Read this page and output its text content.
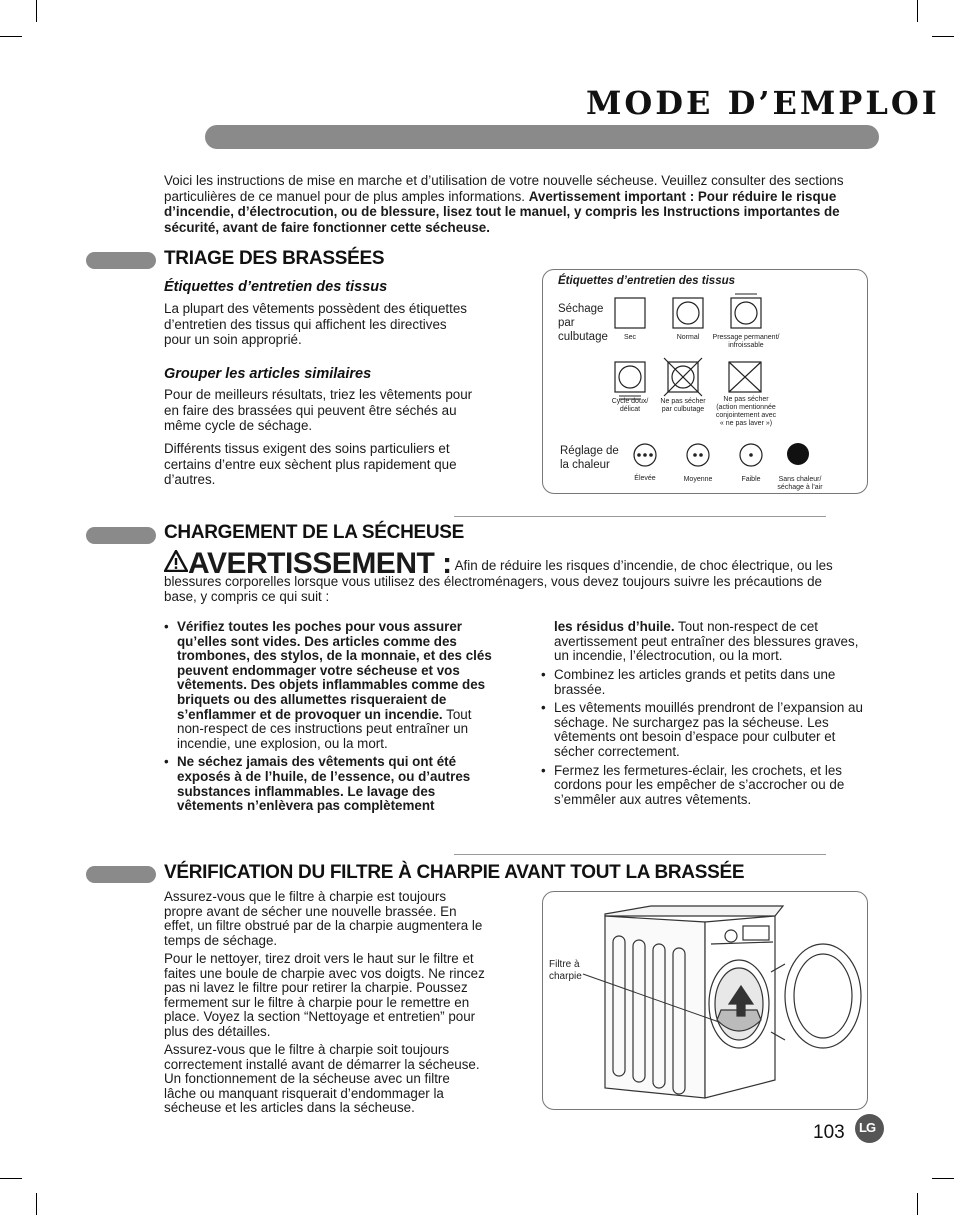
MODE D’EMPLOI
Voici les instructions de mise en marche et d’utilisation de votre nouvelle sécheuse. Veuillez consulter des sections particulières de ce manuel pour de plus amples informations. Avertissement important : Pour réduire le risque d’incendie, d’électrocution, ou de blessure, lisez tout le manuel, y compris les Instructions importantes de sécurité, avant de faire fonctionner cette sécheuse.
TRIAGE DES BRASSÉES
Étiquettes d’entretien des tissus
La plupart des vêtements possèdent des étiquettes d’entretien des tissus qui affichent les directives pour un soin approprié.
Grouper les articles similaires
Pour de meilleurs résultats, triez les vêtements pour en faire des brassées qui peuvent être séchés au même cycle de séchage.
Différents tissus exigent des soins particuliers et certains d’entre eux sèchent plus rapidement que d’autres.
Étiquettes d’entretien des tissus
Séchage par culbutage	Sec	Normal	Pressage permanent/ infroissable
Cycle doux/ délicat
Ne pas sécher par culbutage
Ne pas sécher (action mentionnée conjointement avec « ne pas laver »)
Réglage de la chaleur
Élevée	Moyenne	Faible	Sans chaleur/ séchage à l’air
CHARGEMENT DE LA SÉCHEUSE
AVERTISSEMENT : Afin de réduire les risques d’incendie, de choc électrique, ou les blessures corporelles lorsque vous utilisez des électroménagers, vous devez toujours suivre les précautions de base, y compris ce qui suit :
• Vérifiez toutes les poches pour vous assurer qu’elles sont vides. Des articles comme des trombones, des stylos, de la monnaie, et des clés peuvent endommager votre sécheuse et vos vêtements. Des objets inflammables comme des briquets ou des allumettes risqueraient de s’enflammer et de provoquer un incendie. Tout non-respect de ces instructions peut entraîner un incendie, une explosion, ou la mort.
• Ne séchez jamais des vêtements qui ont été exposés à de l’huile, de l’essence, ou d’autres substances inflammables. Le lavage des vêtements n’enlèvera pas complètement
les résidus d’huile. Tout non-respect de cet avertissement peut entraîner des blessures graves, un incendie, l’électrocution, ou la mort.
• Combinez les articles grands et petits dans une brassée.
• Les vêtements mouillés prendront de l’expansion au séchage. Ne surchargez pas la sécheuse. Les vêtements ont besoin d’espace pour culbuter et sécher correctement.
• Fermez les fermetures-éclair, les crochets, et les cordons pour les empêcher de s’accrocher ou de s’emmêler aux autres vêtements.
VÉRIFICATION DU FILTRE À CHARPIE AVANT TOUT LA BRASSÉE
Assurez-vous que le filtre à charpie est toujours propre avant de sécher une nouvelle brassée. En effet, un filtre obstrué par de la charpie augmentera le temps de séchage.
Pour le nettoyer, tirez droit vers le haut sur le filtre et faites une boule de charpie avec vos doigts. Ne rincez pas ni lavez le filtre pour retirer la charpie. Poussez fermement sur le filtre à charpie pour le remettre en place. Voyez la section “Nettoyage et entretien” pour plus des détailles.
Assurez-vous que le filtre à charpie soit toujours correctement installé avant de démarrer la sécheuse. Un fonctionnement de la sécheuse avec un filtre lâche ou manquant risquerait d’endommager la sécheuse et les articles dans la sécheuse.
Filtre à charpie
103 LG
